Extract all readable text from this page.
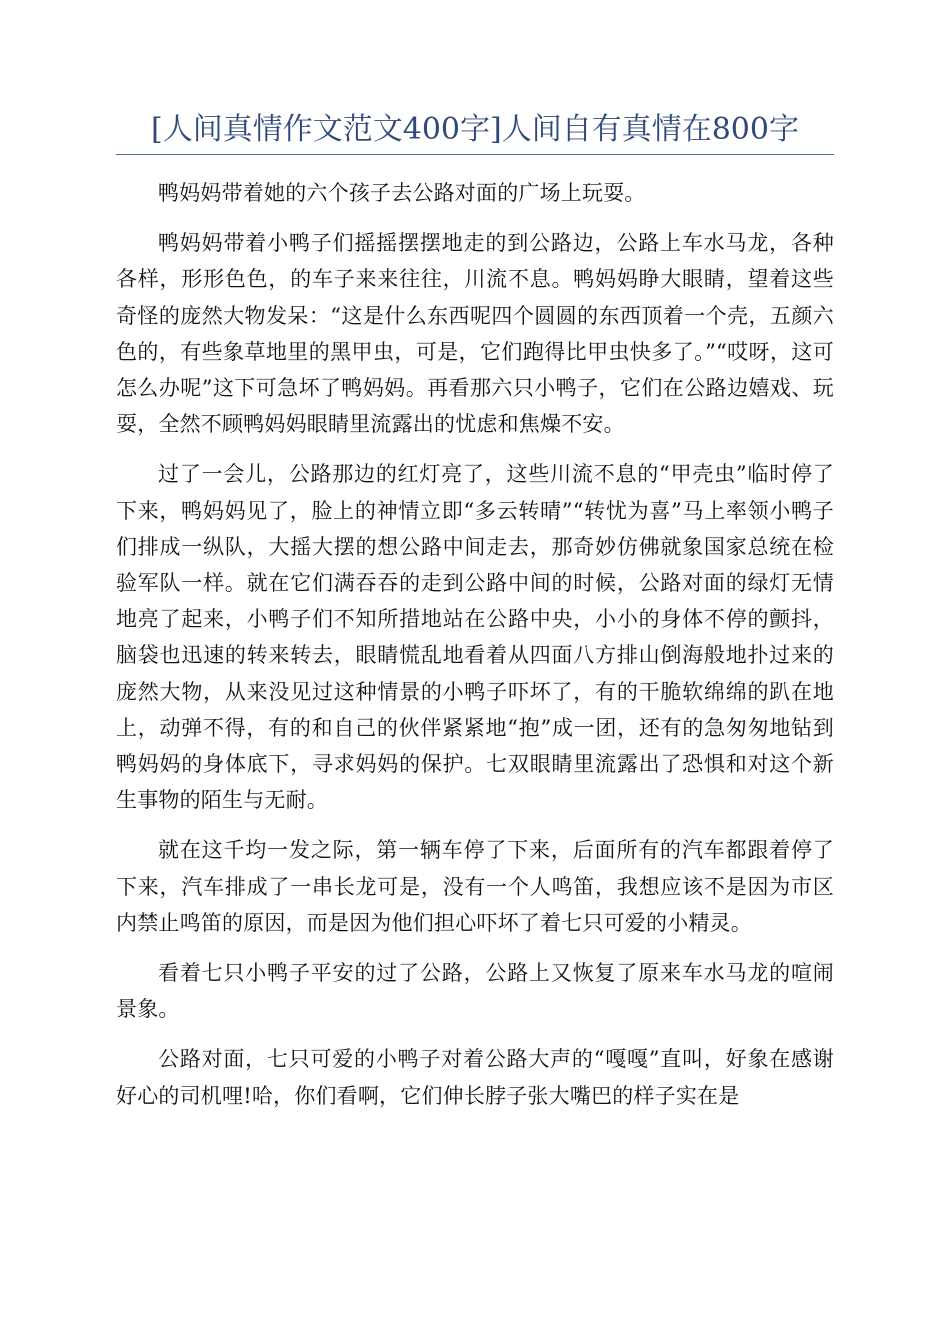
[人间真情作文范文400字]人间自有真情在800字

鸭妈妈带着她的六个孩子去公路对面的广场上玩耍。

鸭妈妈带着小鸭子们摇摇摆摆地走的到公路边，公路上车水马龙，各种各样，形形色色，的车子来来往往，川流不息。鸭妈妈睁大眼睛，望着这些奇怪的庞然大物发呆：“这是什么东西呢四个圆圆的东西顶着一个壳，五颜六色的，有些象草地里的黑甲虫，可是，它们跑得比甲虫快多了。”“哎呀，这可怎么办呢”这下可急坏了鸭妈妈。再看那六只小鸭子，它们在公路边嬉戏、玩耍，全然不顾鸭妈妈眼睛里流露出的忧虑和焦燥不安。

过了一会儿，公路那边的红灯亮了，这些川流不息的“甲壳虫”临时停了下来，鸭妈妈见了，脸上的神情立即“多云转晴”“转忧为喜”马上率领小鸭子们排成一纵队，大摇大摆的想公路中间走去，那奇妙仿佛就象国家总统在检验军队一样。就在它们满吞吞的走到公路中间的时候，公路对面的绿灯无情地亮了起来，小鸭子们不知所措地站在公路中央，小小的身体不停的颤抖，脑袋也迅速的转来转去，眼睛慌乱地看着从四面八方排山倒海般地扑过来的庞然大物，从来没见过这种情景的小鸭子吓坏了，有的干脆软绵绵的趴在地上，动弹不得，有的和自己的伙伴紧紧地“抱”成一团，还有的急匆匆地钻到鸭妈妈的身体底下，寻求妈妈的保护。七双眼睛里流露出了恐惧和对这个新生事物的陌生与无耐。

就在这千均一发之际，第一辆车停了下来，后面所有的汽车都跟着停了下来，汽车排成了一串长龙可是，没有一个人鸣笛，我想应该不是因为市区内禁止鸣笛的原因，而是因为他们担心吓坏了着七只可爱的小精灵。

看着七只小鸭子平安的过了公路，公路上又恢复了原来车水马龙的喧闹景象。

公路对面，七只可爱的小鸭子对着公路大声的“嘎嘎”直叫，好象在感谢好心的司机哩!哈，你们看啊，它们伸长脖子张大嘴巴的样子实在是
